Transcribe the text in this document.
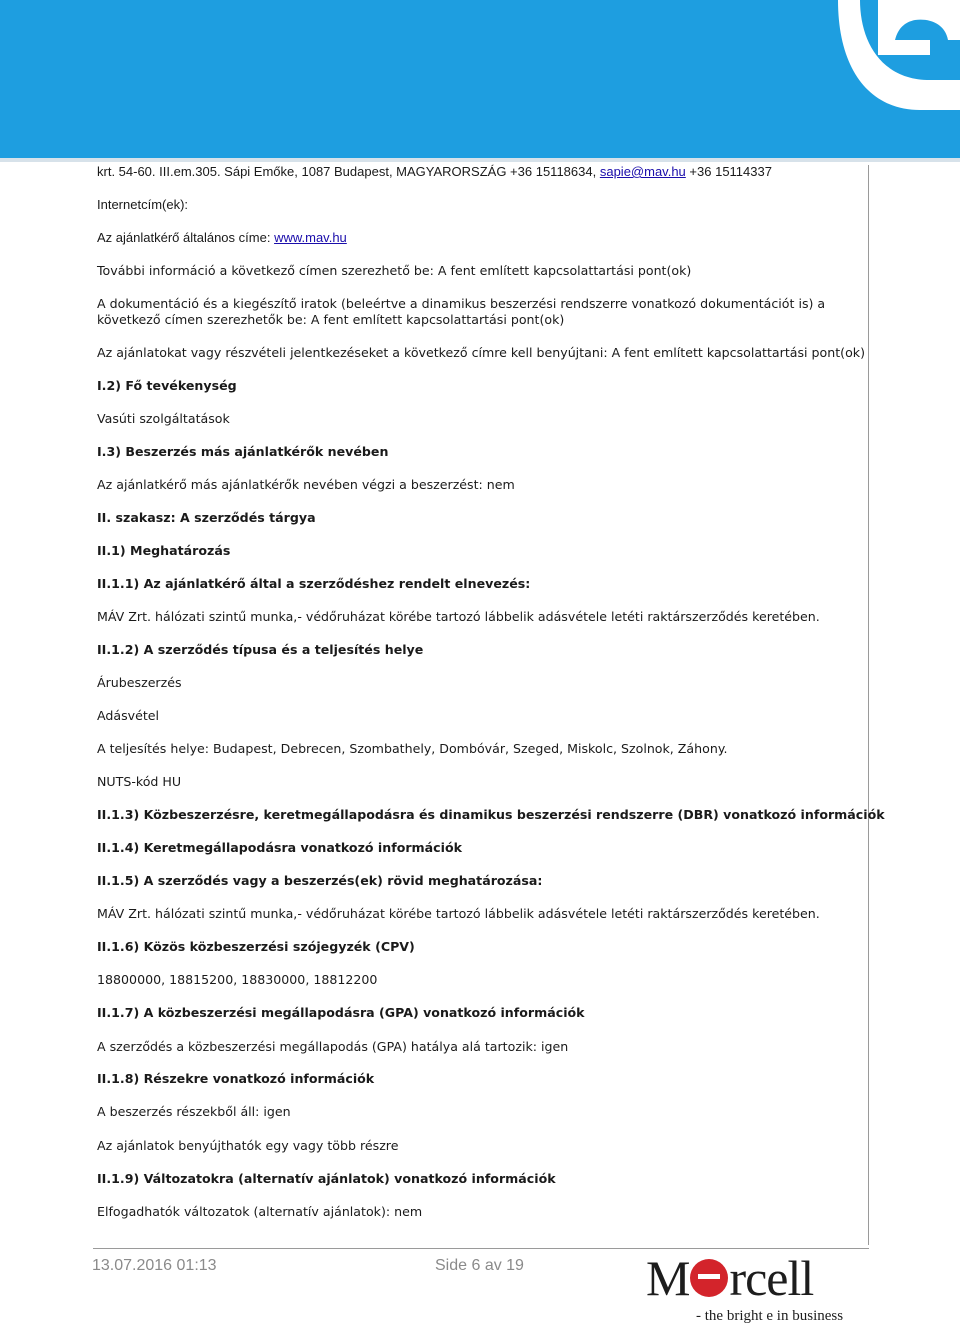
krt. 54-60. III.em.305. Sápi Emőke, 1087 Budapest, MAGYARORSZÁG +36 15118634, sapie@mav.hu +36 15114337
Internetcím(ek):
Az ajánlatkérő általános címe: www.mav.hu
További információ a következő címen szerezhető be: A fent említett kapcsolattartási pont(ok)
A dokumentáció és a kiegészítő iratok (beleértve a dinamikus beszerzési rendszerre vonatkozó dokumentációt is) a következő címen szerezhetők be: A fent említett kapcsolattartási pont(ok)
Az ajánlatokat vagy részvételi jelentkezéseket a következő címre kell benyújtani: A fent említett kapcsolattartási pont(ok)
I.2) Fő tevékenység
Vasúti szolgáltatások
I.3) Beszerzés más ajánlatkérők nevében
Az ajánlatkérő más ajánlatkérők nevében végzi a beszerzést: nem
II. szakasz: A szerződés tárgya
II.1) Meghatározás
II.1.1) Az ajánlatkérő által a szerződéshez rendelt elnevezés:
MÁV Zrt. hálózati szintű munka,- védőruházat körébe tartozó lábbelik adásvétele letéti raktárszerződés keretében.
II.1.2) A szerződés típusa és a teljesítés helye
Árubeszerzés
Adásvétel
A teljesítés helye: Budapest, Debrecen, Szombathely, Dombóvár, Szeged, Miskolc, Szolnok, Záhony.
NUTS-kód HU
II.1.3) Közbeszerzésre, keretmegállapodásra és dinamikus beszerzési rendszerre (DBR) vonatkozó információk
II.1.4) Keretmegállapodásra vonatkozó információk
II.1.5) A szerződés vagy a beszerzés(ek) rövid meghatározása:
MÁV Zrt. hálózati szintű munka,- védőruházat körébe tartozó lábbelik adásvétele letéti raktárszerződés keretében.
II.1.6) Közös közbeszerzési szójegyzék (CPV)
18800000, 18815200, 18830000, 18812200
II.1.7) A közbeszerzési megállapodásra (GPA) vonatkozó információk
A szerződés a közbeszerzési megállapodás (GPA) hatálya alá tartozik: igen
II.1.8) Részekre vonatkozó információk
A beszerzés részekből áll: igen
Az ajánlatok benyújthatók egy vagy több részre
II.1.9) Változatokra (alternatív ajánlatok) vonatkozó információk
Elfogadhatók változatok (alternatív ajánlatok): nem
13.07.2016 01:13	Side 6 av 19 M rcell
- the bright e in business
